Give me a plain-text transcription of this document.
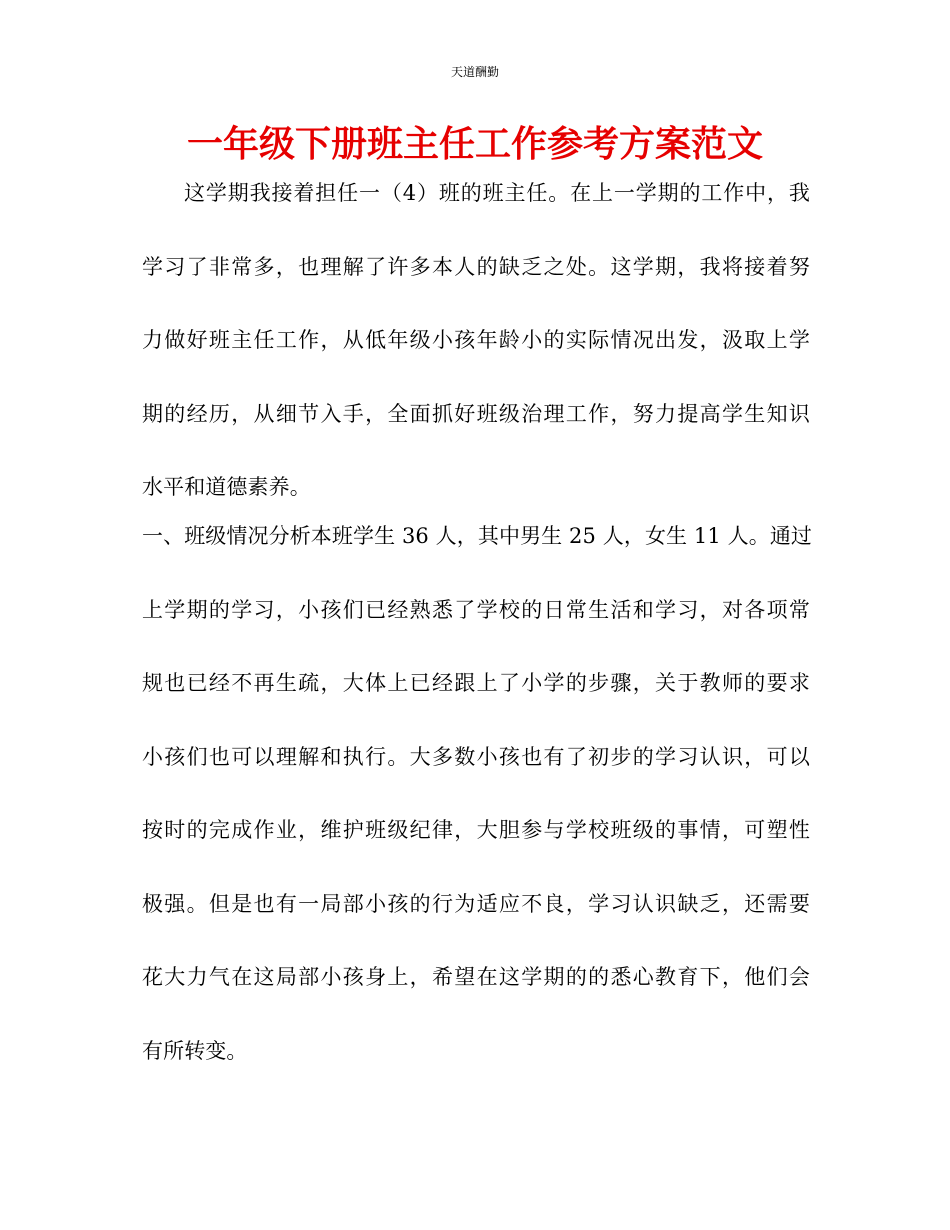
天道酬勤
一年级下册班主任工作参考方案范文
这学期我接着担任一（4）班的班主任。在上一学期的工作中，我
学习了非常多，也理解了许多本人的缺乏之处。这学期，我将接着努
力做好班主任工作，从低年级小孩年龄小的实际情况出发，汲取上学
期的经历，从细节入手，全面抓好班级治理工作，努力提高学生知识
水平和道德素养。
一、班级情况分析本班学生 36 人，其中男生 25 人，女生 11 人。通过
上学期的学习，小孩们已经熟悉了学校的日常生活和学习，对各项常
规也已经不再生疏，大体上已经跟上了小学的步骤，关于教师的要求
小孩们也可以理解和执行。大多数小孩也有了初步的学习认识，可以
按时的完成作业，维护班级纪律，大胆参与学校班级的事情，可塑性
极强。但是也有一局部小孩的行为适应不良，学习认识缺乏，还需要
花大力气在这局部小孩身上，希望在这学期的的悉心教育下，他们会
有所转变。
